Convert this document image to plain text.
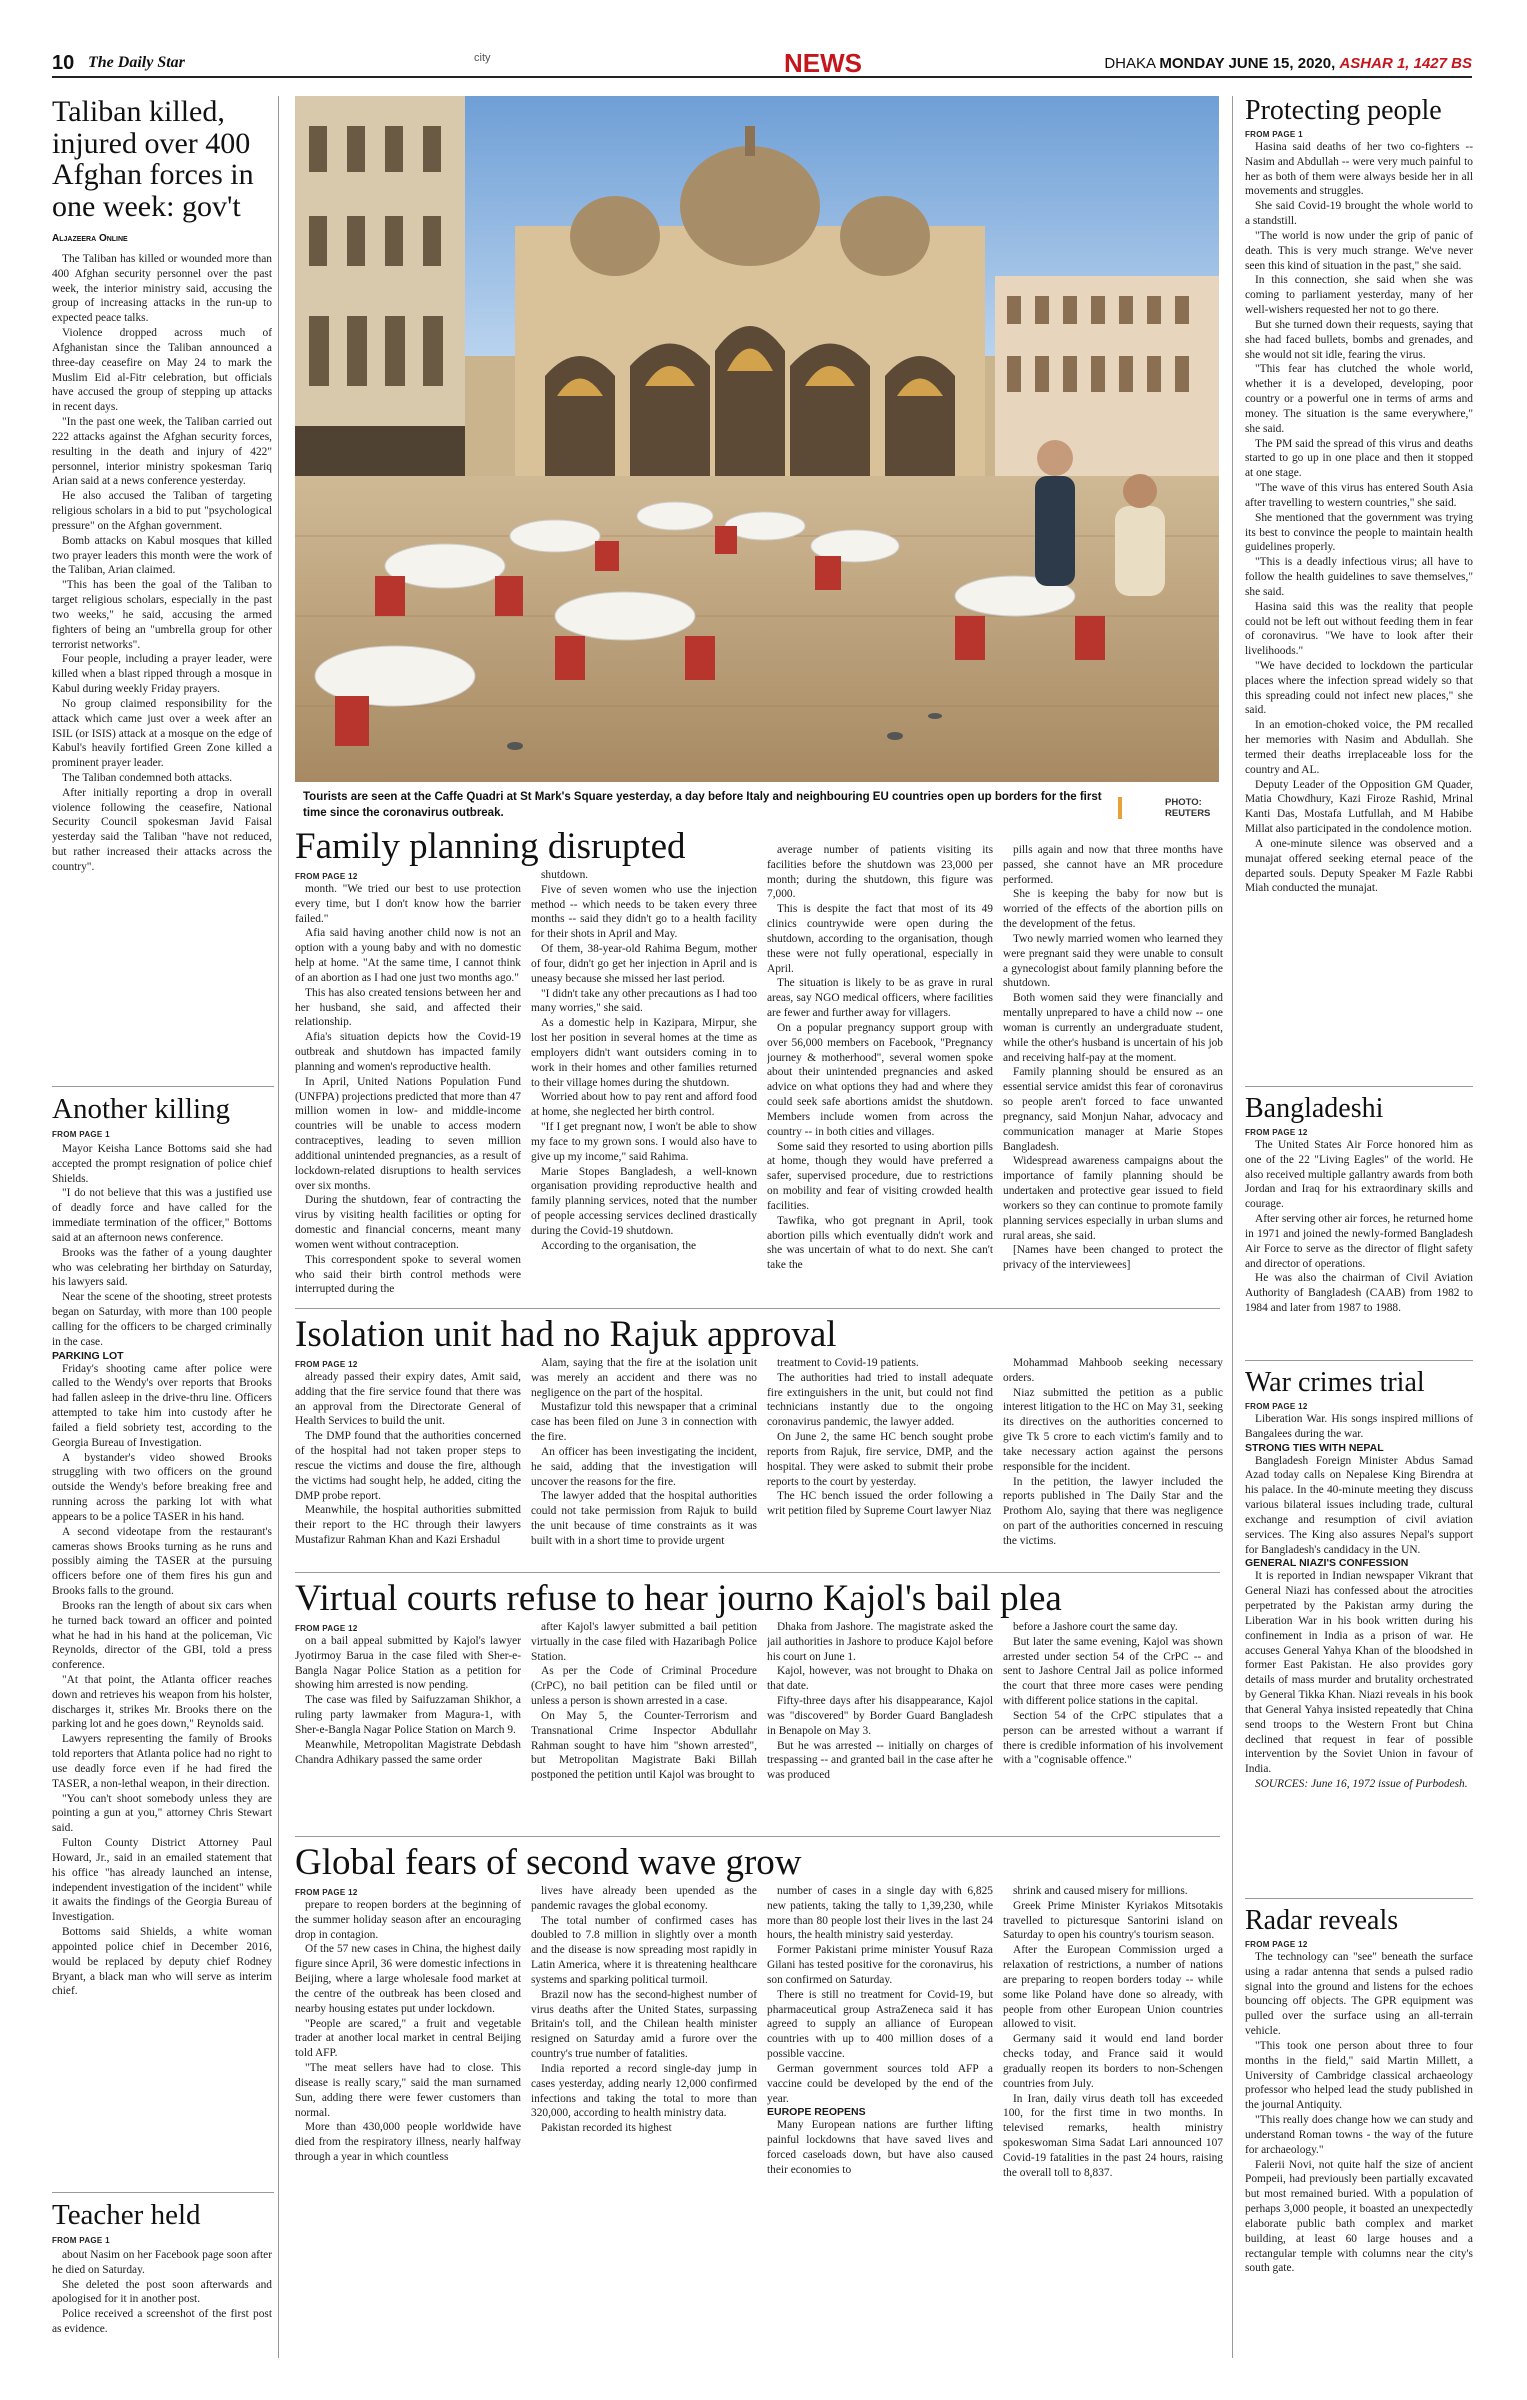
10 The Daily Star	city	NEWS	DHAKA MONDAY JUNE 15, 2020, ASHAR 1, 1427 BS
Taliban killed, injured over 400 Afghan forces in one week: gov't
Aljazeera Online

The Taliban has killed or wounded more than 400 Afghan security personnel over the past week, the interior ministry said, accusing the group of increasing attacks in the run-up to expected peace talks.

Violence dropped across much of Afghanistan since the Taliban announced a three-day ceasefire on May 24 to mark the Muslim Eid al-Fitr celebration, but officials have accused the group of stepping up attacks in recent days.

"In the past one week, the Taliban carried out 222 attacks against the Afghan security forces, resulting in the death and injury of 422" personnel, interior ministry spokesman Tariq Arian said at a news conference yesterday.

He also accused the Taliban of targeting religious scholars in a bid to put "psychological pressure" on the Afghan government.

Bomb attacks on Kabul mosques that killed two prayer leaders this month were the work of the Taliban, Arian claimed.

"This has been the goal of the Taliban to target religious scholars, especially in the past two weeks," he said, accusing the armed fighters of being an "umbrella group for other terrorist networks".

Four people, including a prayer leader, were killed when a blast ripped through a mosque in Kabul during weekly Friday prayers.

No group claimed responsibility for the attack which came just over a week after an ISIL (or ISIS) attack at a mosque on the edge of Kabul's heavily fortified Green Zone killed a prominent prayer leader.

The Taliban condemned both attacks.

After initially reporting a drop in overall violence following the ceasefire, National Security Council spokesman Javid Faisal yesterday said the Taliban "have not reduced, but rather increased their attacks across the country".

Another killing
FROM PAGE 1

Mayor Keisha Lance Bottoms said she had accepted the prompt resignation of police chief Shields.

"I do not believe that this was a justified use of deadly force and have called for the immediate termination of the officer," Bottoms said at an afternoon news conference.

Brooks was the father of a young daughter who was celebrating her birthday on Saturday, his lawyers said.

Near the scene of the shooting, street protests began on Saturday, with more than 100 people calling for the officers to be charged criminally in the case.

PARKING LOT

Friday's shooting came after police were called to the Wendy's over reports that Brooks had fallen asleep in the drive-thru line. Officers attempted to take him into custody after he failed a field sobriety test, according to the Georgia Bureau of Investigation.

A bystander's video showed Brooks struggling with two officers on the ground outside the Wendy's before breaking free and running across the parking lot with what appears to be a police TASER in his hand.

A second videotape from the restaurant's cameras shows Brooks turning as he runs and possibly aiming the TASER at the pursuing officers before one of them fires his gun and Brooks falls to the ground.

Brooks ran the length of about six cars when he turned back toward an officer and pointed what he had in his hand at the policeman, Vic Reynolds, director of the GBI, told a press conference.

"At that point, the Atlanta officer reaches down and retrieves his weapon from his holster, discharges it, strikes Mr. Brooks there on the parking lot and he goes down," Reynolds said.

Lawyers representing the family of Brooks told reporters that Atlanta police had no right to use deadly force even if he had fired the TASER, a non-lethal weapon, in their direction.

"You can't shoot somebody unless they are pointing a gun at you," attorney Chris Stewart said.

Fulton County District Attorney Paul Howard, Jr., said in an emailed statement that his office "has already launched an intense, independent investigation of the incident" while it awaits the findings of the Georgia Bureau of Investigation.

Bottoms said Shields, a white woman appointed police chief in December 2016, would be replaced by deputy chief Rodney Bryant, a black man who will serve as interim chief.

Teacher held
FROM PAGE 1

about Nasim on her Facebook page soon after he died on Saturday.

She deleted the post soon afterwards and apologised for it in another post.

Police received a screenshot of the first post as evidence.

Tourists are seen at the Caffe Quadri at St Mark's Square yesterday, a day before Italy and neighbouring EU countries open up borders for the first time since the coronavirus outbreak.
PHOTO:
REUTERS
Family planning disrupted
FROM PAGE 12

month. "We tried our best to use protection every time, but I don't know how the barrier failed."

Afia said having another child now is not an option with a young baby and with no domestic help at home. "At the same time, I cannot think of an abortion as I had one just two months ago."

This has also created tensions between her and her husband, she said, and affected their relationship.

Afia's situation depicts how the Covid-19 outbreak and shutdown has impacted family planning and women's reproductive health.

In April, United Nations Population Fund (UNFPA) projections predicted that more than 47 million women in low- and middle-income countries will be unable to access modern contraceptives, leading to seven million additional unintended pregnancies, as a result of lockdown-related disruptions to health services over six months.

During the shutdown, fear of contracting the virus by visiting health facilities or opting for domestic and financial concerns, meant many women went without contraception.

This correspondent spoke to several women who said their birth control methods were interrupted during the

shutdown.

Five of seven women who use the injection method -- which needs to be taken every three months -- said they didn't go to a health facility for their shots in April and May.

Of them, 38-year-old Rahima Begum, mother of four, didn't go get her injection in April and is uneasy because she missed her last period.

"I didn't take any other precautions as I had too many worries," she said.

As a domestic help in Kazipara, Mirpur, she lost her position in several homes at the time as employers didn't want outsiders coming in to work in their homes and other families returned to their village homes during the shutdown.

Worried about how to pay rent and afford food at home, she neglected her birth control.

"If I get pregnant now, I won't be able to show my face to my grown sons. I would also have to give up my income," said Rahima.

Marie Stopes Bangladesh, a well-known organisation providing reproductive health and family planning services, noted that the number of people accessing services declined drastically during the Covid-19 shutdown.

According to the organisation, the

average number of patients visiting its facilities before the shutdown was 23,000 per month; during the shutdown, this figure was 7,000.

This is despite the fact that most of its 49 clinics countrywide were open during the shutdown, according to the organisation, though these were not fully operational, especially in April.

The situation is likely to be as grave in rural areas, say NGO medical officers, where facilities are fewer and further away for villagers.

On a popular pregnancy support group with over 56,000 members on Facebook, "Pregnancy journey & motherhood", several women spoke about their unintended pregnancies and asked advice on what options they had and where they could seek safe abortions amidst the shutdown. Members include women from across the country -- in both cities and villages.

Some said they resorted to using abortion pills at home, though they would have preferred a safer, supervised procedure, due to restrictions on mobility and fear of visiting crowded health facilities.

Tawfika, who got pregnant in April, took abortion pills which eventually didn't work and she was uncertain of what to do next. She can't take the

pills again and now that three months have passed, she cannot have an MR procedure performed.

She is keeping the baby for now but is worried of the effects of the abortion pills on the development of the fetus.

Two newly married women who learned they were pregnant said they were unable to consult a gynecologist about family planning before the shutdown.

Both women said they were financially and mentally unprepared to have a child now -- one woman is currently an undergraduate student, while the other's husband is uncertain of his job and receiving half-pay at the moment.

Family planning should be ensured as an essential service amidst this fear of coronavirus so people aren't forced to face unwanted pregnancy, said Monjun Nahar, advocacy and communication manager at Marie Stopes Bangladesh.

Widespread awareness campaigns about the importance of family planning should be undertaken and protective gear issued to field workers so they can continue to promote family planning services especially in urban slums and rural areas, she said.

[Names have been changed to protect the privacy of the interviewees]

Isolation unit had no Rajuk approval
FROM PAGE 12

already passed their expiry dates, Amit said, adding that the fire service found that there was an approval from the Directorate General of Health Services to build the unit.

The DMP found that the authorities concerned of the hospital had not taken proper steps to rescue the victims and douse the fire, although the victims had sought help, he added, citing the DMP probe report.

Meanwhile, the hospital authorities submitted their report to the HC through their lawyers Mustafizur Rahman Khan and Kazi Ershadul

Alam, saying that the fire at the isolation unit was merely an accident and there was no negligence on the part of the hospital.

Mustafizur told this newspaper that a criminal case has been filed on June 3 in connection with the fire.

An officer has been investigating the incident, he said, adding that the investigation will uncover the reasons for the fire.

The lawyer added that the hospital authorities could not take permission from Rajuk to build the unit because of time constraints as it was built with in a short time to provide urgent

treatment to Covid-19 patients.

The authorities had tried to install adequate fire extinguishers in the unit, but could not find technicians instantly due to the ongoing coronavirus pandemic, the lawyer added.

On June 2, the same HC bench sought probe reports from Rajuk, fire service, DMP, and the hospital. They were asked to submit their probe reports to the court by yesterday.

The HC bench issued the order following a writ petition filed by Supreme Court lawyer Niaz

Mohammad Mahboob seeking necessary orders.

Niaz submitted the petition as a public interest litigation to the HC on May 31, seeking its directives on the authorities concerned to give Tk 5 crore to each victim's family and to take necessary action against the persons responsible for the incident.

In the petition, the lawyer included the reports published in The Daily Star and the Prothom Alo, saying that there was negligence on part of the authorities concerned in rescuing the victims.

Virtual courts refuse to hear journo Kajol's bail plea
FROM PAGE 12

on a bail appeal submitted by Kajol's lawyer Jyotirmoy Barua in the case filed with Sher-e-Bangla Nagar Police Station as a petition for showing him arrested is now pending.

The case was filed by Saifuzzaman Shikhor, a ruling party lawmaker from Magura-1, with Sher-e-Bangla Nagar Police Station on March 9.

Meanwhile, Metropolitan Magistrate Debdash Chandra Adhikary passed the same order

after Kajol's lawyer submitted a bail petition virtually in the case filed with Hazaribagh Police Station.

As per the Code of Criminal Procedure (CrPC), no bail petition can be filed until or unless a person is shown arrested in a case.

On May 5, the Counter-Terrorism and Transnational Crime Inspector Abdullahr Rahman sought to have him "shown arrested", but Metropolitan Magistrate Baki Billah postponed the petition until Kajol was brought to

Dhaka from Jashore. The magistrate asked the jail authorities in Jashore to produce Kajol before his court on June 1.

Kajol, however, was not brought to Dhaka on that date.

Fifty-three days after his disappearance, Kajol was "discovered" by Border Guard Bangladesh in Benapole on May 3.

But he was arrested -- initially on charges of trespassing -- and granted bail in the case after he was produced

before a Jashore court the same day.

But later the same evening, Kajol was shown arrested under section 54 of the CrPC -- and sent to Jashore Central Jail as police informed the court that three more cases were pending with different police stations in the capital.

Section 54 of the CrPC stipulates that a person can be arrested without a warrant if there is credible information of his involvement with a "cognisable offence."

Global fears of second wave grow
FROM PAGE 12

prepare to reopen borders at the beginning of the summer holiday season after an encouraging drop in contagion.

Of the 57 new cases in China, the highest daily figure since April, 36 were domestic infections in Beijing, where a large wholesale food market at the centre of the outbreak has been closed and nearby housing estates put under lockdown.

"People are scared," a fruit and vegetable trader at another local market in central Beijing told AFP.

"The meat sellers have had to close. This disease is really scary," said the man surnamed Sun, adding there were fewer customers than normal.

More than 430,000 people worldwide have died from the respiratory illness, nearly halfway through a year in which countless

lives have already been upended as the pandemic ravages the global economy.

The total number of confirmed cases has doubled to 7.8 million in slightly over a month and the disease is now spreading most rapidly in Latin America, where it is threatening healthcare systems and sparking political turmoil.

Brazil now has the second-highest number of virus deaths after the United States, surpassing Britain's toll, and the Chilean health minister resigned on Saturday amid a furore over the country's true number of fatalities.

India reported a record single-day jump in cases yesterday, adding nearly 12,000 confirmed infections and taking the total to more than 320,000, according to health ministry data.

Pakistan recorded its highest

number of cases in a single day with 6,825 new patients, taking the tally to 1,39,230, while more than 80 people lost their lives in the last 24 hours, the health ministry said yesterday.

Former Pakistani prime minister Yousuf Raza Gilani has tested positive for the coronavirus, his son confirmed on Saturday.

There is still no treatment for Covid-19, but pharmaceutical group AstraZeneca said it has agreed to supply an alliance of European countries with up to 400 million doses of a possible vaccine.

German government sources told AFP a vaccine could be developed by the end of the year.

EUROPE REOPENS

Many European nations are further lifting painful lockdowns that have saved lives and forced caseloads down, but have also caused their economies to

shrink and caused misery for millions.

Greek Prime Minister Kyriakos Mitsotakis travelled to picturesque Santorini island on Saturday to open his country's tourism season.

After the European Commission urged a relaxation of restrictions, a number of nations are preparing to reopen borders today -- while some like Poland have done so already, with people from other European Union countries allowed to visit.

Germany said it would end land border checks today, and France said it would gradually reopen its borders to non-Schengen countries from July.

In Iran, daily virus death toll has exceeded 100, for the first time in two months. In televised remarks, health ministry spokeswoman Sima Sadat Lari announced 107 Covid-19 fatalities in the past 24 hours, raising the overall toll to 8,837.

Protecting people
FROM PAGE 1

Hasina said deaths of her two co-fighters -- Nasim and Abdullah -- were very much painful to her as both of them were always beside her in all movements and struggles.

She said Covid-19 brought the whole world to a standstill.

"The world is now under the grip of panic of death. This is very much strange. We've never seen this kind of situation in the past," she said.

In this connection, she said when she was coming to parliament yesterday, many of her well-wishers requested her not to go there.

But she turned down their requests, saying that she had faced bullets, bombs and grenades, and she would not sit idle, fearing the virus.

"This fear has clutched the whole world, whether it is a developed, developing, poor country or a powerful one in terms of arms and money. The situation is the same everywhere," she said.

The PM said the spread of this virus and deaths started to go up in one place and then it stopped at one stage.

"The wave of this virus has entered South Asia after travelling to western countries," she said.

She mentioned that the government was trying its best to convince the people to maintain health guidelines properly.

"This is a deadly infectious virus; all have to follow the health guidelines to save themselves," she said.

Hasina said this was the reality that people could not be left out without feeding them in fear of coronavirus. "We have to look after their livelihoods."

"We have decided to lockdown the particular places where the infection spread widely so that this spreading could not infect new places," she said.

In an emotion-choked voice, the PM recalled her memories with Nasim and Abdullah. She termed their deaths irreplaceable loss for the country and AL.

Deputy Leader of the Opposition GM Quader, Matia Chowdhury, Kazi Firoze Rashid, Mrinal Kanti Das, Mostafa Lutfullah, and M Habibe Millat also participated in the condolence motion.

A one-minute silence was observed and a munajat offered seeking eternal peace of the departed souls. Deputy Speaker M Fazle Rabbi Miah conducted the munajat.

Bangladeshi
FROM PAGE 12

The United States Air Force honored him as one of the 22 "Living Eagles" of the world. He also received multiple gallantry awards from both Jordan and Iraq for his extraordinary skills and courage.

After serving other air forces, he returned home in 1971 and joined the newly-formed Bangladesh Air Force to serve as the director of flight safety and director of operations.

He was also the chairman of Civil Aviation Authority of Bangladesh (CAAB) from 1982 to 1984 and later from 1987 to 1988.

War crimes trial
FROM PAGE 12

Liberation War. His songs inspired millions of Bangalees during the war.

STRONG TIES WITH NEPAL

Bangladesh Foreign Minister Abdus Samad Azad today calls on Nepalese King Birendra at his palace. In the 40-minute meeting they discuss various bilateral issues including trade, cultural exchange and resumption of civil aviation services. The King also assures Nepal's support for Bangladesh's candidacy in the UN.

GENERAL NIAZI'S CONFESSION

It is reported in Indian newspaper Vikrant that General Niazi has confessed about the atrocities perpetrated by the Pakistan army during the Liberation War in his book written during his confinement in India as a prison of war. He accuses General Yahya Khan of the bloodshed in former East Pakistan. He also provides gory details of mass murder and brutality orchestrated by General Tikka Khan. Niazi reveals in his book that General Yahya insisted repeatedly that China send troops to the Western Front but China declined that request in fear of possible intervention by the Soviet Union in favour of India.

SOURCES: June 16, 1972 issue of Purbodesh.

Radar reveals
FROM PAGE 12

The technology can "see" beneath the surface using a radar antenna that sends a pulsed radio signal into the ground and listens for the echoes bouncing off objects. The GPR equipment was pulled over the surface using an all-terrain vehicle.

"This took one person about three to four months in the field," said Martin Millett, a University of Cambridge classical archaeology professor who helped lead the study published in the journal Antiquity.

"This really does change how we can study and understand Roman towns - the way of the future for archaeology."

Falerii Novi, not quite half the size of ancient Pompeii, had previously been partially excavated but most remained buried. With a population of perhaps 3,000 people, it boasted an unexpectedly elaborate public bath complex and market building, at least 60 large houses and a rectangular temple with columns near the city's south gate.
